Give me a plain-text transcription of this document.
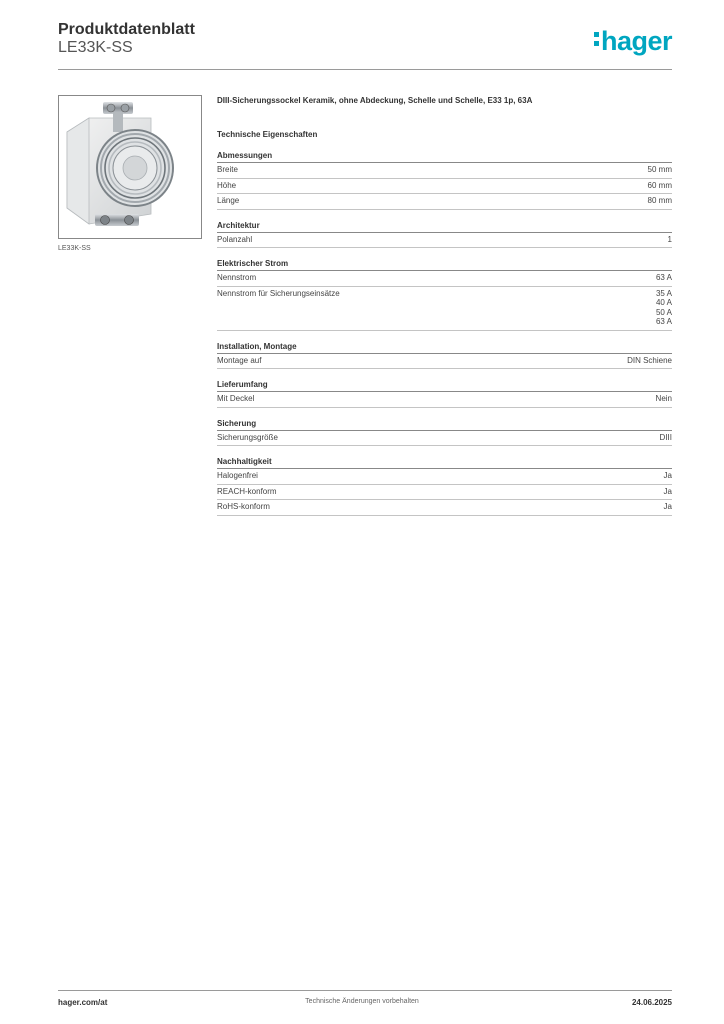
Produktdatenblatt
LE33K-SS	hager
LE33K-SS
DIII-Sicherungssockel Keramik, ohne Abdeckung, Schelle und Schelle, E33 1p, 63A
Technische Eigenschaften
Abmessungen
Breite	50 mm
Höhe	60 mm
Länge	80 mm
Architektur
Polanzahl	1
Elektrischer Strom
Nennstrom	63 A
Nennstrom für Sicherungseinsätze	35 A
40 A
50 A
63 A
Installation, Montage
Montage auf	DIN Schiene
Lieferumfang
Mit Deckel	Nein
Sicherung
Sicherungsgröße	DIII
Nachhaltigkeit
Halogenfrei	Ja
REACH-konform	Ja
RoHS-konform	Ja
hager.com/at	Technische Änderungen vorbehalten	24.06.2025
